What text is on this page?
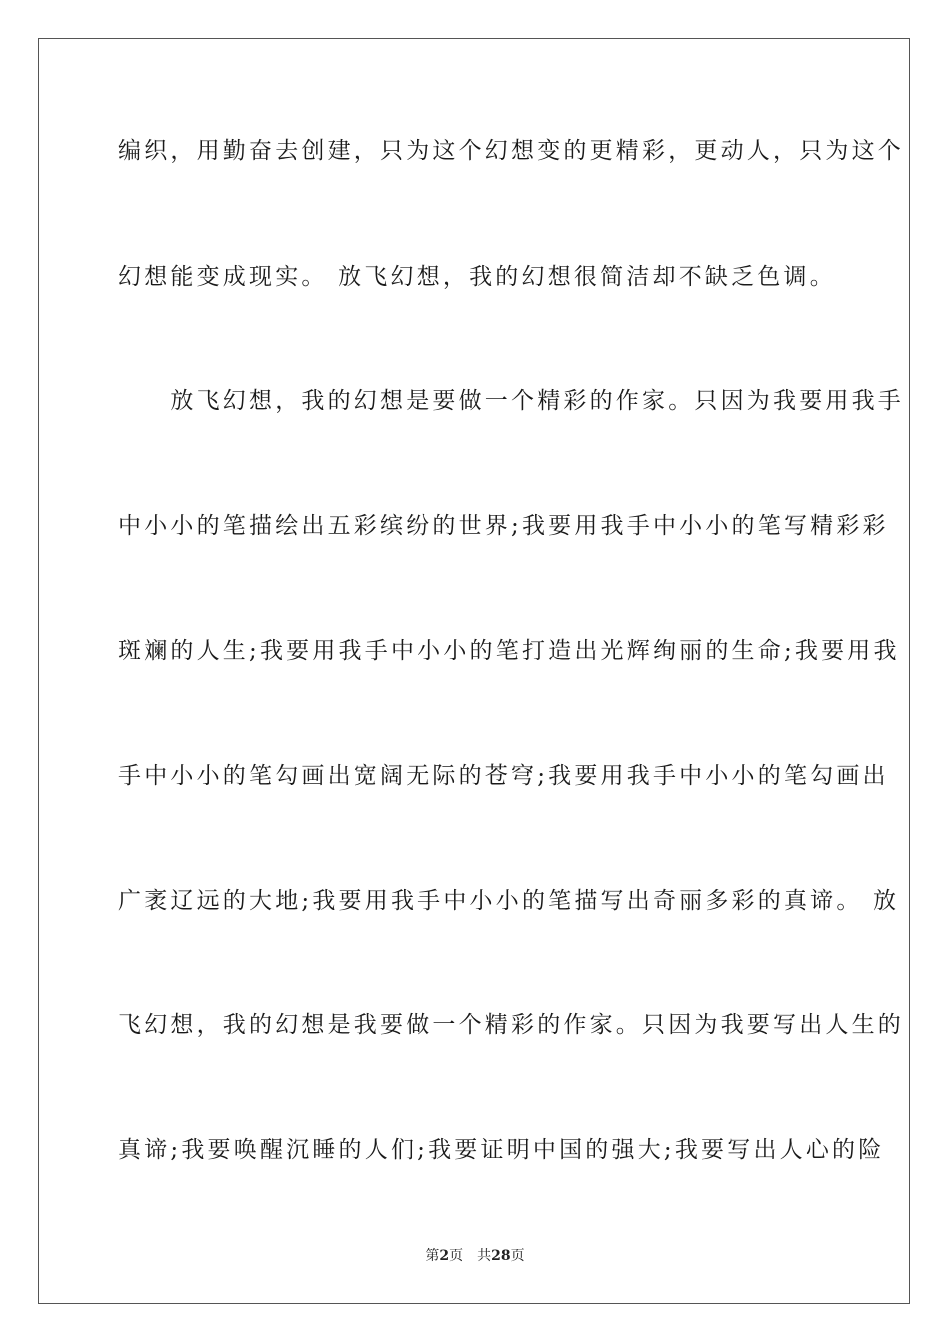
编织，用勤奋去创建，只为这个幻想变的更精彩，更动人，只为这个
幻想能变成现实。 放飞幻想，我的幻想很简洁却不缺乏色调。
　　放飞幻想，我的幻想是要做一个精彩的作家。只因为我要用我手
中小小的笔描绘出五彩缤纷的世界;我要用我手中小小的笔写精彩彩
斑斓的人生;我要用我手中小小的笔打造出光辉绚丽的生命;我要用我
手中小小的笔勾画出宽阔无际的苍穹;我要用我手中小小的笔勾画出
广袤辽远的大地;我要用我手中小小的笔描写出奇丽多彩的真谛。 放
飞幻想，我的幻想是我要做一个精彩的作家。只因为我要写出人生的
真谛;我要唤醒沉睡的人们;我要证明中国的强大;我要写出人心的险
第2页 共28页
